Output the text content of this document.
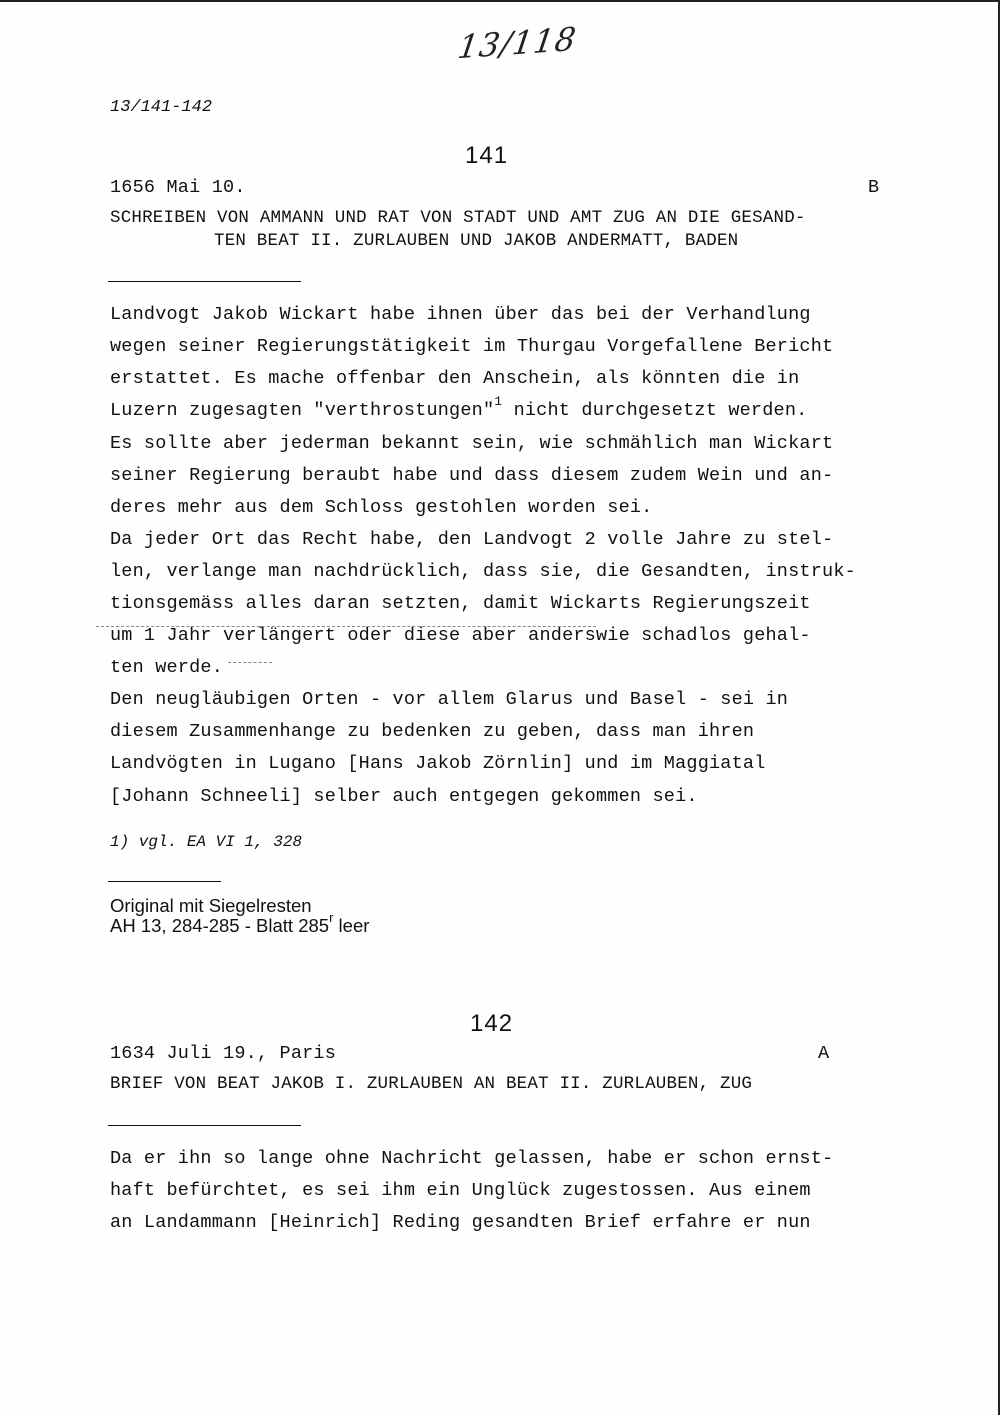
13/118
13/141-142
141
1656 Mai 10.	B
SCHREIBEN VON AMMANN UND RAT VON STADT UND AMT ZUG AN DIE GESAND-
TEN BEAT II. ZURLAUBEN UND JAKOB ANDERMATT, BADEN
Landvogt Jakob Wickart habe ihnen über das bei der Verhandlung
wegen seiner Regierungstätigkeit im Thurgau Vorgefallene Bericht
erstattet. Es mache offenbar den Anschein, als könnten die in
Luzern zugesagten "verthrostungen"$^1$ nicht durchgesetzt werden.
Es sollte aber jederman bekannt sein, wie schmählich man Wickart
seiner Regierung beraubt habe und dass diesem zudem Wein und an-
deres mehr aus dem Schloss gestohlen worden sei.
Da jeder Ort das Recht habe, den Landvogt 2 volle Jahre zu stel-
len, verlange man nachdrücklich, dass sie, die Gesandten, instruk-
tionsgemäss alles daran setzten, damit Wickarts Regierungszeit
um 1 Jahr verlängert oder diese aber anderswie schadlos gehal-
ten werde.
Den neugläubigen Orten - vor allem Glarus und Basel - sei in
diesem Zusammenhange zu bedenken zu geben, dass man ihren
Landvögten in Lugano [Hans Jakob Zörnlin] und im Maggiatal
[Johann Schneeli] selber auch entgegen gekommen sei.
1) vgl. EA VI 1, 328
Original mit Siegelresten
AH 13, 284-285 - Blatt 285$^r$ leer
142
1634 Juli 19., Paris	A
BRIEF VON BEAT JAKOB I. ZURLAUBEN AN BEAT II. ZURLAUBEN, ZUG
Da er ihn so lange ohne Nachricht gelassen, habe er schon ernst-
haft befürchtet, es sei ihm ein Unglück zugestossen. Aus einem
an Landammann [Heinrich] Reding gesandten Brief erfahre er nun
